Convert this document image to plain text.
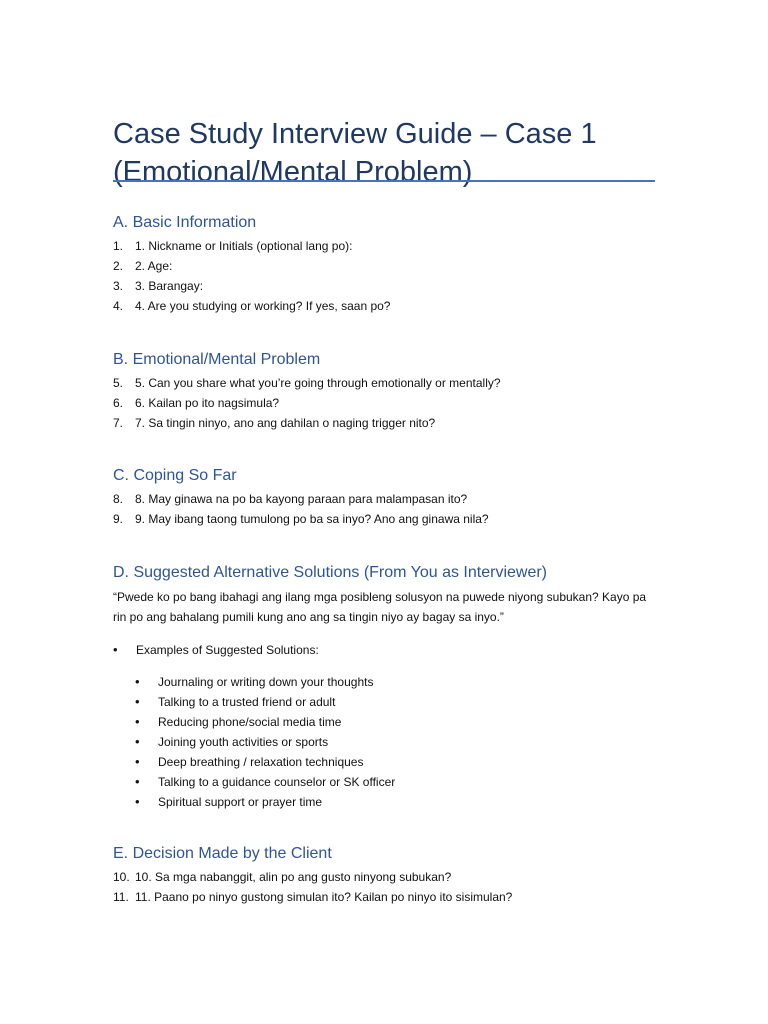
Case Study Interview Guide – Case 1
(Emotional/Mental Problem)
A. Basic Information
1. 1. Nickname or Initials (optional lang po):
2. 2. Age:
3. 3. Barangay:
4. 4. Are you studying or working? If yes, saan po?
B. Emotional/Mental Problem
5. 5. Can you share what you’re going through emotionally or mentally?
6. 6. Kailan po ito nagsimula?
7. 7. Sa tingin ninyo, ano ang dahilan o naging trigger nito?
C. Coping So Far
8. 8. May ginawa na po ba kayong paraan para malampasan ito?
9. 9. May ibang taong tumulong po ba sa inyo? Ano ang ginawa nila?
D. Suggested Alternative Solutions (From You as Interviewer)

“Pwede ko po bang ibahagi ang ilang mga posibleng solusyon na puwede niyong subukan? Kayo pa rin po ang bahalang pumili kung ano ang sa tingin niyo ay bagay sa inyo.”

• Examples of Suggested Solutions:
• Journaling or writing down your thoughts
• Talking to a trusted friend or adult
• Reducing phone/social media time
• Joining youth activities or sports
• Deep breathing / relaxation techniques
• Talking to a guidance counselor or SK officer
• Spiritual support or prayer time
E. Decision Made by the Client
10. 10. Sa mga nabanggit, alin po ang gusto ninyong subukan?
11. 11. Paano po ninyo gustong simulan ito? Kailan po ninyo ito sisimulan?
